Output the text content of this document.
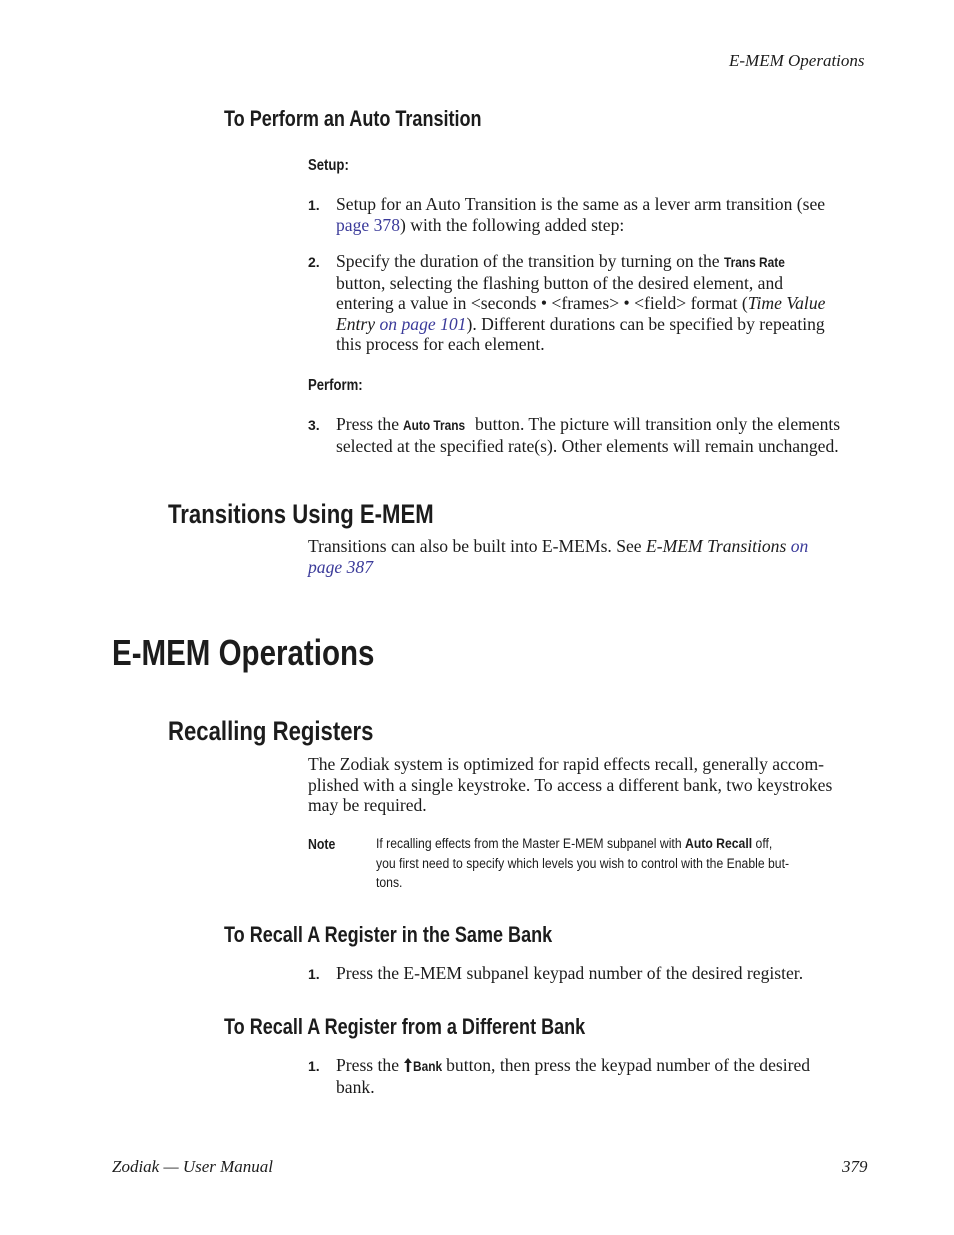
E-MEM Operations
To Perform an Auto Transition
Setup:
1. Setup for an Auto Transition is the same as a lever arm transition (see
page 378) with the following added step:
2. Specify the duration of the transition by turning on the Trans Rate
button, selecting the flashing button of the desired element, and
entering a value in <seconds • <frames> • <field> format (Time Value
Entry on page 101). Different durations can be specified by repeating
this process for each element.
Perform:
3. Press the Auto Trans button. The picture will transition only the elements
selected at the specified rate(s). Other elements will remain unchanged.
Transitions Using E-MEM
Transitions can also be built into E-MEMs. See E-MEM Transitions on
page 387
E-MEM Operations
Recalling Registers
The Zodiak system is optimized for rapid effects recall, generally accom-
plished with a single keystroke. To access a different bank, two keystrokes
may be required.
Note	If recalling effects from the Master E-MEM subpanel with Auto Recall off,
you first need to specify which levels you wish to control with the Enable but-
tons.
To Recall A Register in the Same Bank
1. Press the E-MEM subpanel keypad number of the desired register.
To Recall A Register from a Different Bank
1. Press the Bank button, then press the keypad number of the desired
bank.
Zodiak — User Manual	379
